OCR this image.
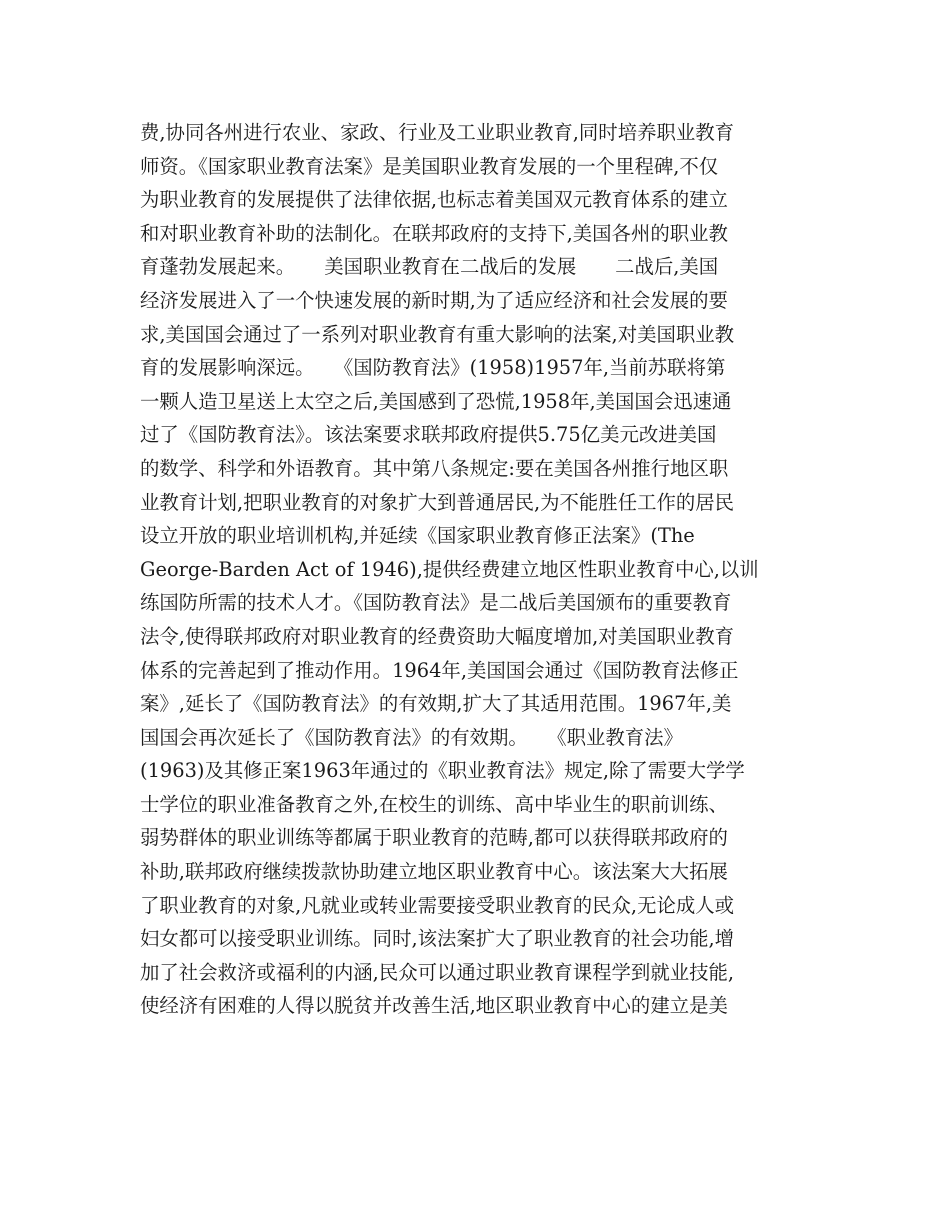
费,协同各州进行农业、家政、行业及工业职业教育,同时培养职业教育
师资。《国家职业教育法案》是美国职业教育发展的一个里程碑,不仅
为职业教育的发展提供了法律依据,也标志着美国双元教育体系的建立
和对职业教育补助的法制化。在联邦政府的支持下,美国各州的职业教
育蓬勃发展起来。　　美国职业教育在二战后的发展　　二战后,美国
经济发展进入了一个快速发展的新时期,为了适应经济和社会发展的要
求,美国国会通过了一系列对职业教育有重大影响的法案,对美国职业教
育的发展影响深远。　　《国防教育法》(1958)1957年,当前苏联将第
一颗人造卫星送上太空之后,美国感到了恐慌,1958年,美国国会迅速通
过了《国防教育法》。该法案要求联邦政府提供5.75亿美元改进美国
的数学、科学和外语教育。其中第八条规定:要在美国各州推行地区职
业教育计划,把职业教育的对象扩大到普通居民,为不能胜任工作的居民
设立开放的职业培训机构,并延续《国家职业教育修正法案》(The
George-Barden Act of 1946),提供经费建立地区性职业教育中心,以训
练国防所需的技术人才。《国防教育法》是二战后美国颁布的重要教育
法令,使得联邦政府对职业教育的经费资助大幅度增加,对美国职业教育
体系的完善起到了推动作用。1964年,美国国会通过《国防教育法修正
案》,延长了《国防教育法》的有效期,扩大了其适用范围。1967年,美
国国会再次延长了《国防教育法》的有效期。　　《职业教育法》
(1963)及其修正案1963年通过的《职业教育法》规定,除了需要大学学
士学位的职业准备教育之外,在校生的训练、高中毕业生的职前训练、
弱势群体的职业训练等都属于职业教育的范畴,都可以获得联邦政府的
补助,联邦政府继续拨款协助建立地区职业教育中心。该法案大大拓展
了职业教育的对象,凡就业或转业需要接受职业教育的民众,无论成人或
妇女都可以接受职业训练。同时,该法案扩大了职业教育的社会功能,增
加了社会救济或福利的内涵,民众可以通过职业教育课程学到就业技能,
使经济有困难的人得以脱贫并改善生活,地区职业教育中心的建立是美
